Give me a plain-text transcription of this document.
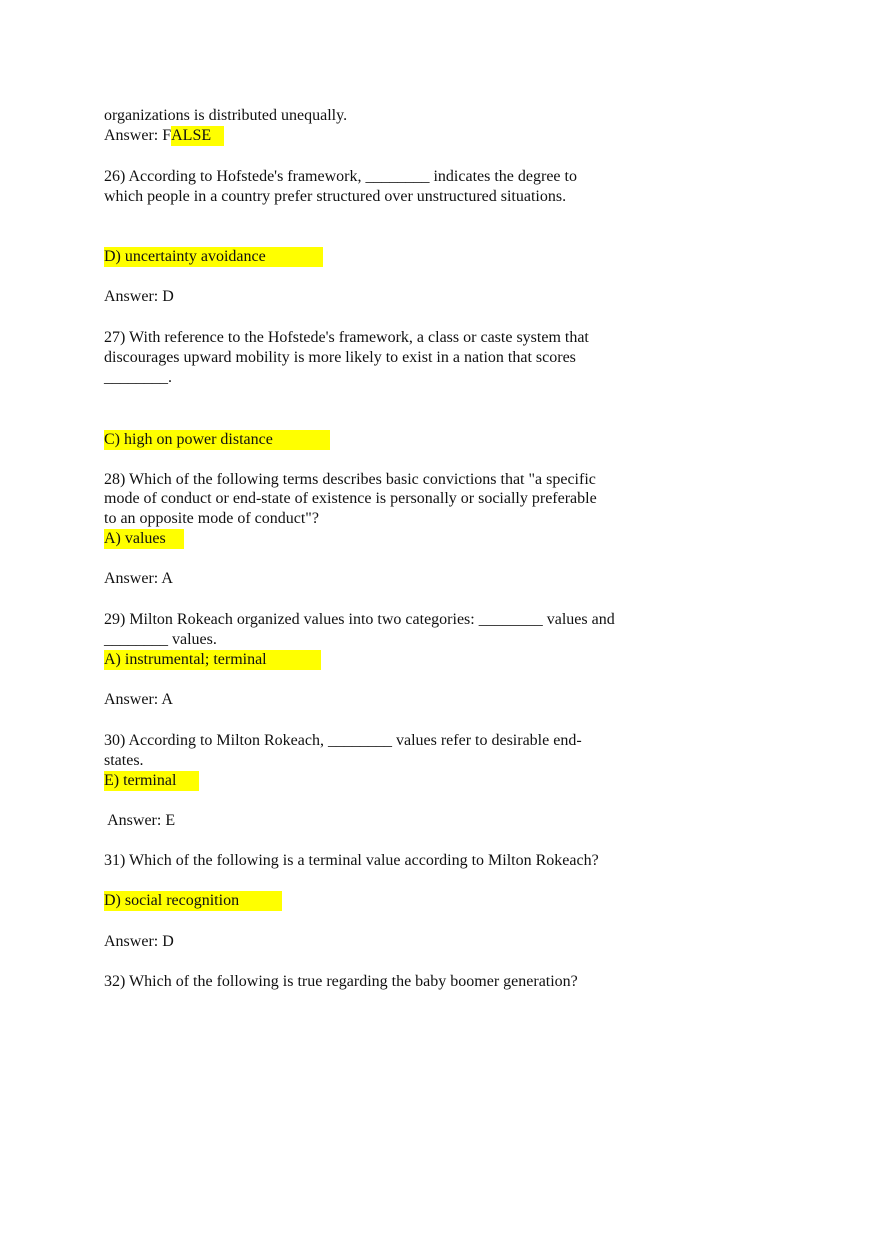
organizations is distributed unequally.
Answer: FALSE
26) According to Hofstede's framework, ________ indicates the degree to
which people in a country prefer structured over unstructured situations.
D) uncertainty avoidance
Answer: D
27) With reference to the Hofstede's framework, a class or caste system that
discourages upward mobility is more likely to exist in a nation that scores
________.
C) high on power distance
28) Which of the following terms describes basic convictions that "a specific
mode of conduct or end-state of existence is personally or socially preferable
to an opposite mode of conduct"?
A) values
Answer: A
29) Milton Rokeach organized values into two categories: ________ values and
________ values.
A) instrumental; terminal
Answer: A
30) According to Milton Rokeach, ________ values refer to desirable end-
states.
E) terminal
Answer: E
31) Which of the following is a terminal value according to Milton Rokeach?
D) social recognition
Answer: D
32) Which of the following is true regarding the baby boomer generation?
